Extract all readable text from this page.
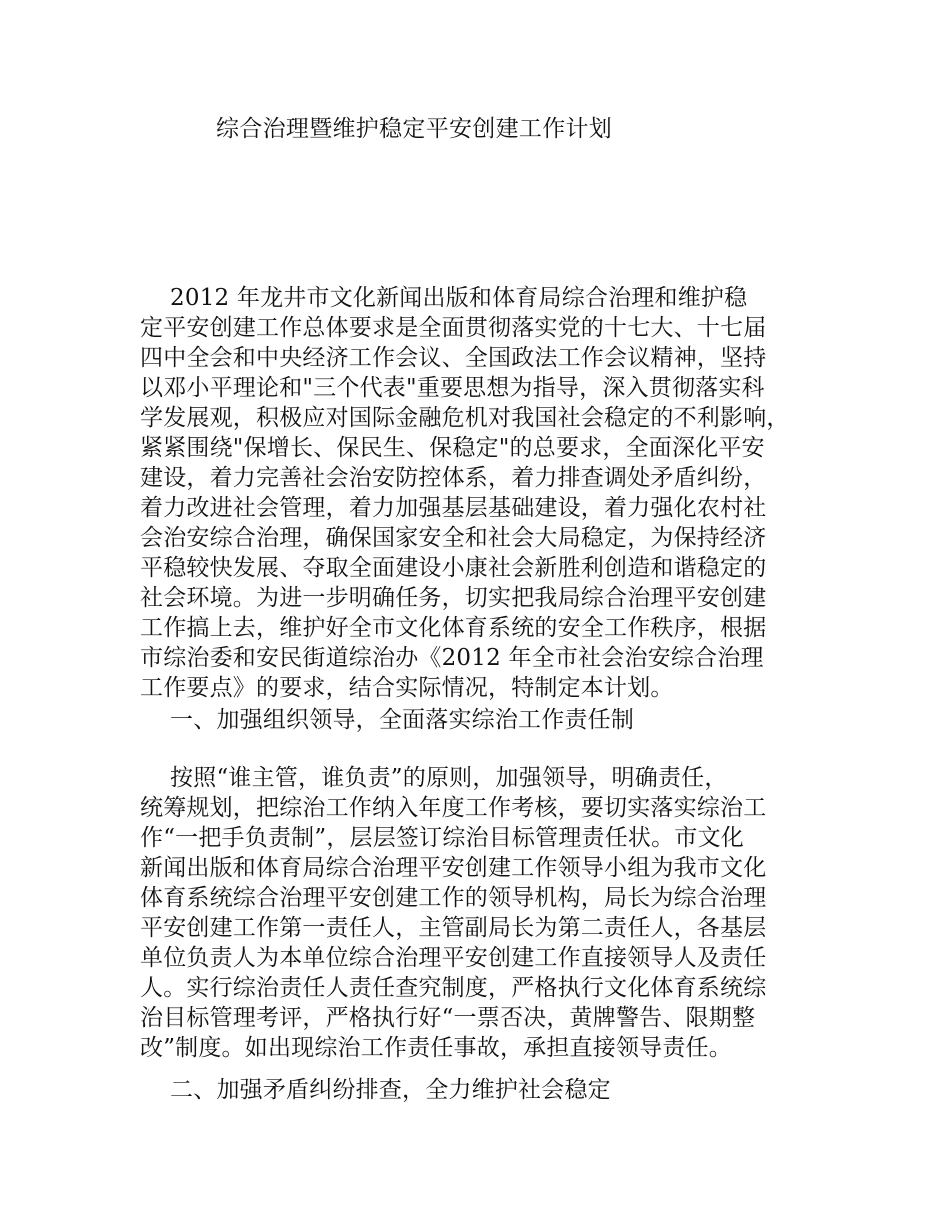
综合治理暨维护稳定平安创建工作计划
2012 年龙井市文化新闻出版和体育局综合治理和维护稳
定平安创建工作总体要求是全面贯彻落实党的十七大、十七届
四中全会和中央经济工作会议、全国政法工作会议精神，坚持
以邓小平理论和"三个代表"重要思想为指导，深入贯彻落实科
学发展观，积极应对国际金融危机对我国社会稳定的不利影响，
紧紧围绕"保增长、保民生、保稳定"的总要求，全面深化平安
建设，着力完善社会治安防控体系，着力排查调处矛盾纠纷，
着力改进社会管理，着力加强基层基础建设，着力强化农村社
会治安综合治理，确保国家安全和社会大局稳定，为保持经济
平稳较快发展、夺取全面建设小康社会新胜利创造和谐稳定的
社会环境。为进一步明确任务，切实把我局综合治理平安创建
工作搞上去，维护好全市文化体育系统的安全工作秩序，根据
市综治委和安民街道综治办《2012 年全市社会治安综合治理
工作要点》的要求，结合实际情况，特制定本计划。
一、加强组织领导，全面落实综治工作责任制
按照“谁主管，谁负责”的原则，加强领导，明确责任，
统筹规划，把综治工作纳入年度工作考核，要切实落实综治工
作“一把手负责制”，层层签订综治目标管理责任状。市文化
新闻出版和体育局综合治理平安创建工作领导小组为我市文化
体育系统综合治理平安创建工作的领导机构，局长为综合治理
平安创建工作第一责任人，主管副局长为第二责任人，各基层
单位负责人为本单位综合治理平安创建工作直接领导人及责任
人。实行综治责任人责任查究制度，严格执行文化体育系统综
治目标管理考评，严格执行好“一票否决，黄牌警告、限期整
改”制度。如出现综治工作责任事故，承担直接领导责任。
二、加强矛盾纠纷排查，全力维护社会稳定
